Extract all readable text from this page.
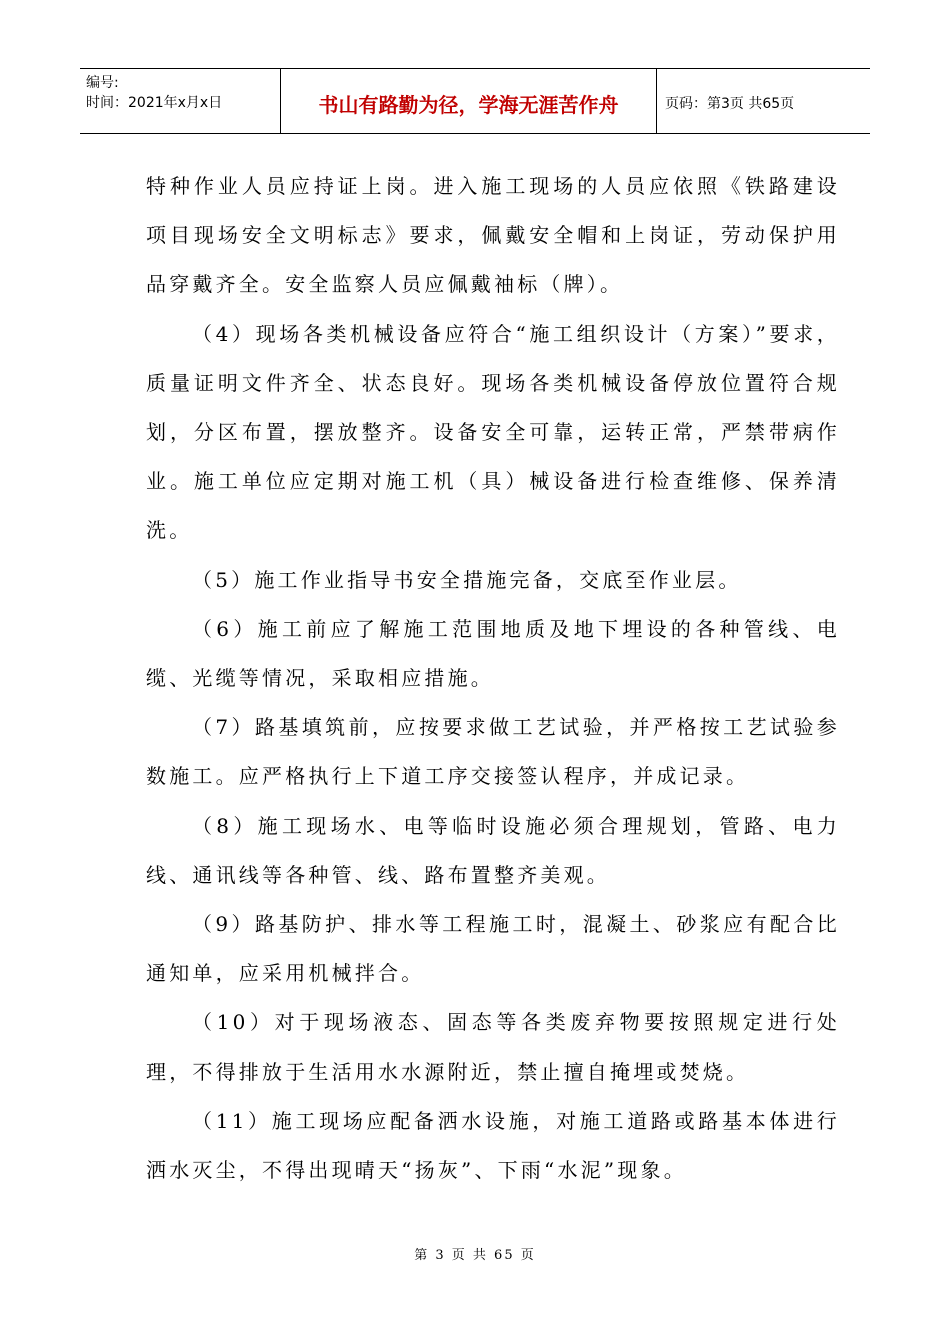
编号:
时间：2021年x月x日	书山有路勤为径，学海无涯苦作舟	页码：第3页 共65页

特种作业人员应持证上岗。进入施工现场的人员应依照《铁路建设项目现场安全文明标志》要求，佩戴安全帽和上岗证，劳动保护用品穿戴齐全。安全监察人员应佩戴袖标（牌）。

（4）现场各类机械设备应符合“施工组织设计（方案）”要求，质量证明文件齐全、状态良好。现场各类机械设备停放位置符合规划，分区布置，摆放整齐。设备安全可靠，运转正常，严禁带病作业。施工单位应定期对施工机（具）械设备进行检查维修、保养清洗。

（5）施工作业指导书安全措施完备，交底至作业层。

（6）施工前应了解施工范围地质及地下埋设的各种管线、电缆、光缆等情况，采取相应措施。

（7）路基填筑前，应按要求做工艺试验，并严格按工艺试验参数施工。应严格执行上下道工序交接签认程序，并成记录。

（8）施工现场水、电等临时设施必须合理规划，管路、电力线、通讯线等各种管、线、路布置整齐美观。

（9）路基防护、排水等工程施工时，混凝土、砂浆应有配合比通知单，应采用机械拌合。

（10）对于现场液态、固态等各类废弃物要按照规定进行处理，不得排放于生活用水水源附近，禁止擅自掩埋或焚烧。

（11）施工现场应配备洒水设施，对施工道路或路基本体进行洒水灭尘，不得出现晴天“扬灰”、下雨“水泥”现象。

第 3 页 共 65 页
